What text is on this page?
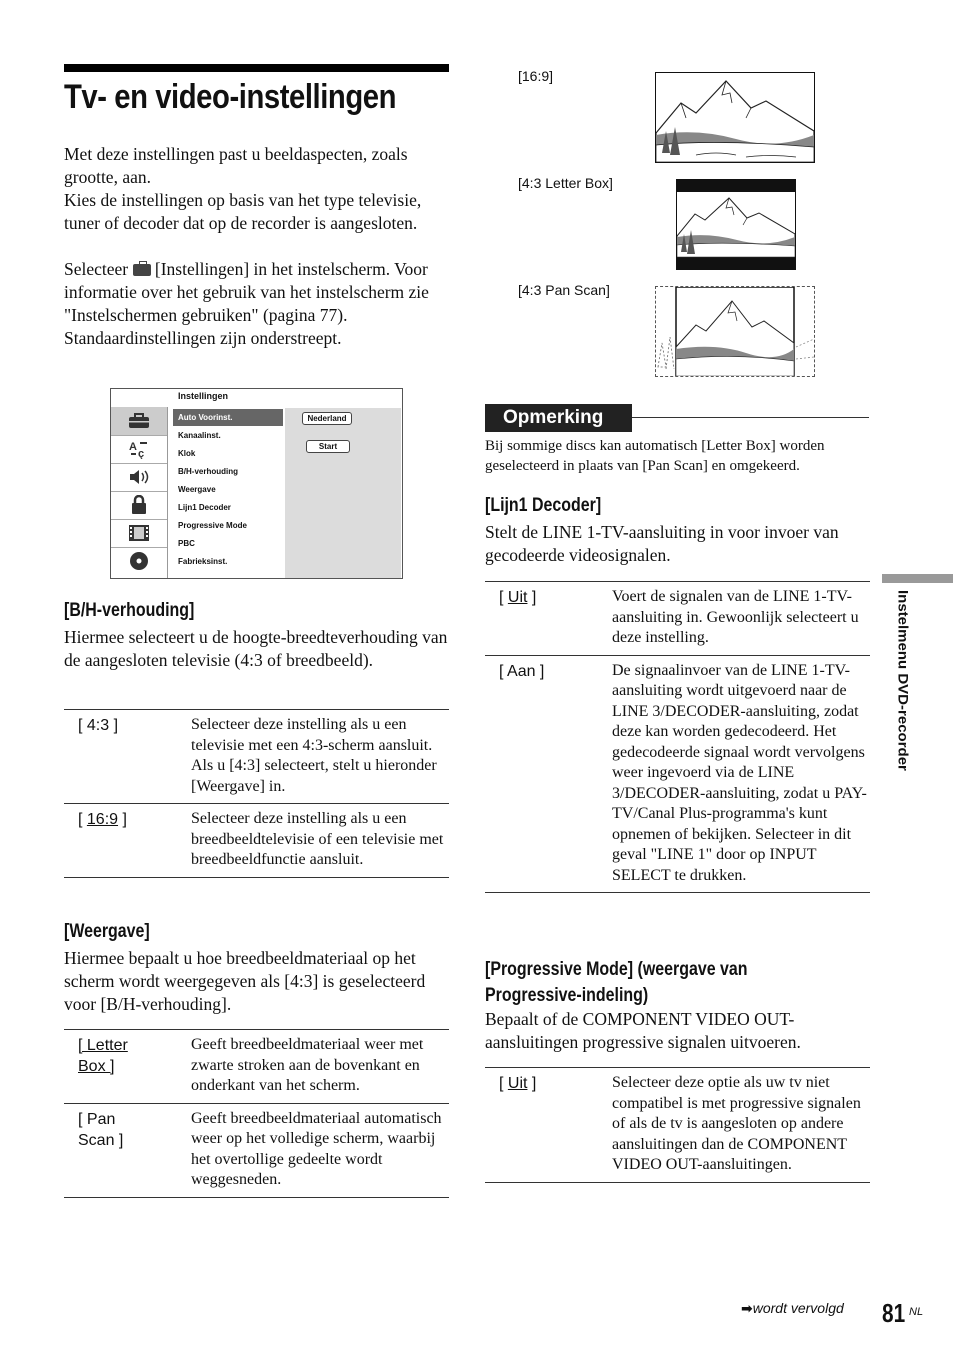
Tv- en video-instellingen

Met deze instellingen past u beeldaspecten, zoals grootte, aan.
Kies de instellingen op basis van het type televisie, tuner of decoder dat op de recorder is aangesloten.

Selecteer [Instellingen] in het instelscherm. Voor informatie over het gebruik van het instelscherm zie "Instelschermen gebruiken" (pagina 77). Standaardinstellingen zijn onderstreept.

Instellingen
A
ç
Auto Voorinst.
Kanaalinst.
Klok
B/H-verhouding
Weergave
Lijn1 Decoder
Progressive Mode
PBC
Fabrieksinst.
Nederland
Start
[B/H-verhouding]
Hiermee selecteert u de hoogte-breedteverhouding van de aangesloten televisie (4:3 of breedbeeld).
[ 4:3 ]	Selecteer deze instelling als u een televisie met een 4:3-scherm aansluit. Als u [4:3] selecteert, stelt u hieronder [Weergave] in.
[ 16:9 ]	Selecteer deze instelling als u een breedbeeldtelevisie of een televisie met breedbeeldfunctie aansluit.
[Weergave]
Hiermee bepaalt u hoe breedbeeldmateriaal op het scherm wordt weergegeven als [4:3] is geselecteerd voor [B/H-verhouding].
[ Letter
Box ]	Geeft breedbeeldmateriaal weer met zwarte stroken aan de bovenkant en onderkant van het scherm.
[ Pan
Scan ]	Geeft breedbeeldmateriaal automatisch weer op het volledige scherm, waarbij het overtollige gedeelte wordt weggesneden.
[16:9]
[4:3 Letter Box]
[4:3 Pan Scan]
Opmerking
Bij sommige discs kan automatisch [Letter Box] worden geselecteerd in plaats van [Pan Scan] en omgekeerd.
[Lijn1 Decoder]
Stelt de LINE 1-TV-aansluiting in voor invoer van gecodeerde videosignalen.
[ Uit ]	Voert de signalen van de LINE 1-TV-aansluiting in. Gewoonlijk selecteert u deze instelling.
[ Aan ]	De signaalinvoer van de LINE 1-TV-aansluiting wordt uitgevoerd naar de LINE 3/DECODER-aansluiting, zodat deze kan worden gedecodeerd. Het gedecodeerde signaal wordt vervolgens weer ingevoerd via de LINE 3/DECODER-aansluiting, zodat u PAY-TV/Canal Plus-programma's kunt opnemen of bekijken. Selecteer in dit geval "LINE 1" door op INPUT SELECT te drukken.
[Progressive Mode] (weergave van
Progressive-indeling)
Bepaalt of de COMPONENT VIDEO OUT-aansluitingen progressive signalen uitvoeren.
[ Uit ]	Selecteer deze optie als uw tv niet compatibel is met progressive signalen of als de tv is aangesloten op andere aansluitingen dan de COMPONENT VIDEO OUT-aansluitingen.
Instelmenu DVD-recorder
➡wordt vervolgd 81 NL
